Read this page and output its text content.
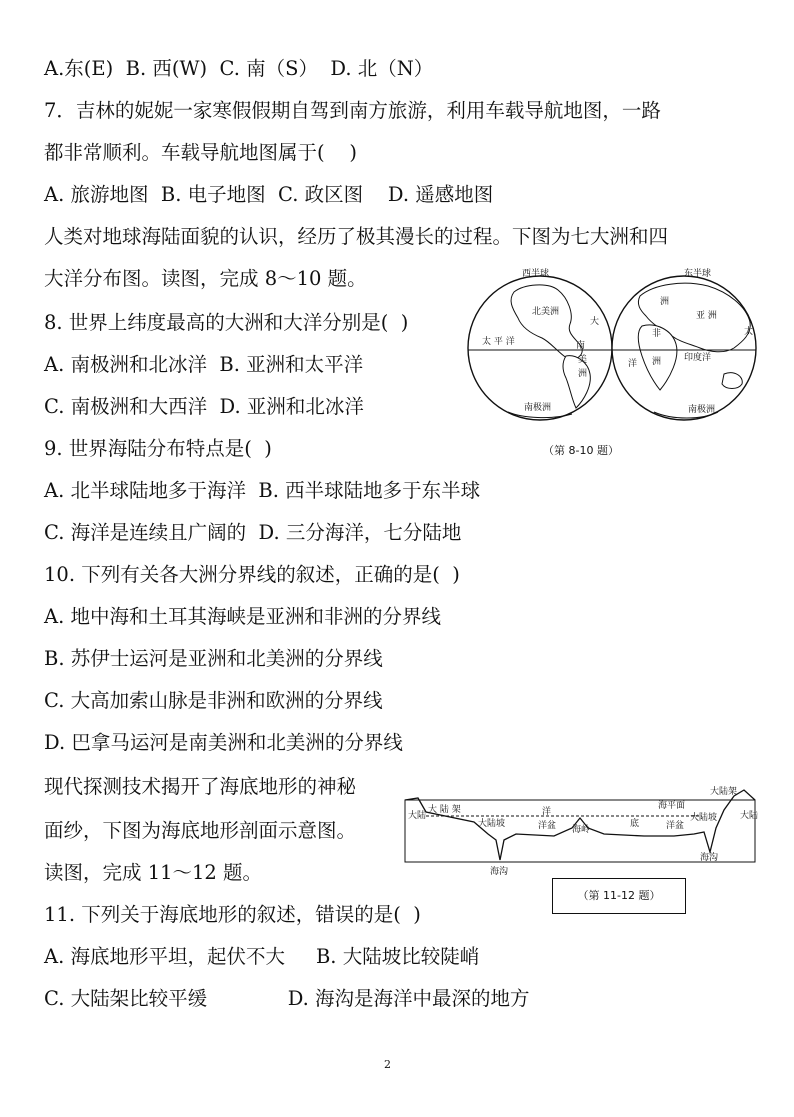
A.东(E)  B. 西(W)  C. 南（S）  D. 北（N）
7．吉林的妮妮一家寒假假期自驾到南方旅游，利用车载导航地图，一路
都非常顺利。车载导航地图属于(    )
A. 旅游地图  B. 电子地图  C. 政区图    D. 遥感地图
人类对地球海陆面貌的认识，经历了极其漫长的过程。下图为七大洲和四
大洋分布图。读图，完成 8～10 题。
8. 世界上纬度最高的大洲和大洋分别是(  )
A. 南极洲和北冰洋  B. 亚洲和太平洋
C. 南极洲和大西洋  D. 亚洲和北冰洋
9. 世界海陆分布特点是(  )
A. 北半球陆地多于海洋  B. 西半球陆地多于东半球
C. 海洋是连续且广阔的  D. 三分海洋，七分陆地
10. 下列有关各大洲分界线的叙述，正确的是(  )
A. 地中海和土耳其海峡是亚洲和非洲的分界线
B. 苏伊士运河是亚洲和北美洲的分界线
C. 大高加索山脉是非洲和欧洲的分界线
D. 巴拿马运河是南美洲和北美洲的分界线
现代探测技术揭开了海底地形的神秘
面纱，下图为海底地形剖面示意图。
读图，完成 11～12 题。
11. 下列关于海底地形的叙述，错误的是(  )
A. 海底地形平坦，起伏不大     B. 大陆坡比较陡峭
C. 大陆架比较平缓             D. 海沟是海洋中最深的地方
西半球	东半球
北美洲
太 平 洋
大
南
美
洲
南极洲	南极洲
非
亚 洲
洲	印度洋
洋
洲
太
（第 8-10 题）
大陆	大陆
大 陆 架
大陆架
大陆坡
大陆坡
洋盆	洋盆
洋
底
海岭
海平面
海沟
海沟
（第 11-12 题）
2
